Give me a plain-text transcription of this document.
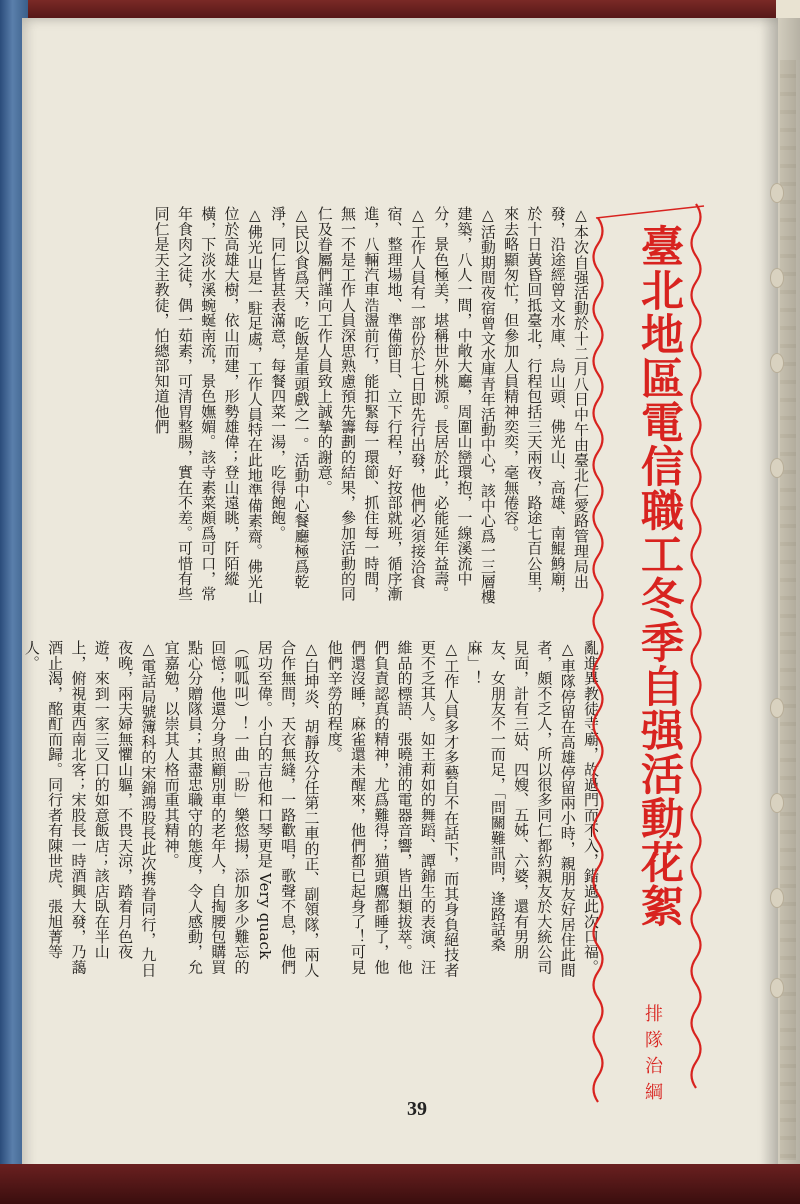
△本次自强活動於十二月八日中午由臺北仁愛路管理局出發，沿途經曾文水庫、烏山頭、佛光山、高雄、南鯤鯓廟，於十日黃昏回抵臺北，行程包括三天兩夜，路途七百公里，來去略顯匆忙，但參加人員精神奕奕，毫無倦容。

△活動期間夜宿曾文水庫青年活動中心，該中心爲一三層樓建築，八人一間，中敞大廳，周圍山巒環抱，一線溪流中分，景色極美，堪稱世外桃源。長居於此，必能延年益壽。

△工作人員有一部份於七日即先行出發，他們必須接洽食宿、整理場地、準備節目、立下行程，好按部就班，循序漸進，八輛汽車浩盪前行，能扣緊每一環節、抓住每一時間，無一不是工作人員深思熟慮預先籌劃的結果，參加活動的同仁及眷屬們謹向工作人員致上誠摯的謝意。

△民以食爲天，吃飯是重頭戲之一。活動中心餐廳極爲乾淨，同仁皆甚表滿意，每餐四菜一湯，吃得飽飽。

△佛光山是一駐足處，工作人員特在此地準備素齋。佛光山位於高雄大樹，依山而建，形勢雄偉；登山遠眺，阡陌縱橫，下淡水溪蜿蜒南流，景色嫵媚。該寺素菜頗爲可口，常年食肉之徒，偶一茹素，可清胃整腸，實在不差。可惜有些同仁是天主教徒，怕總部知道他們

亂進異教徒寺廟，故過門而不入，錯過此次口福。

△車隊停留在高雄停留兩小時，親朋友好居住此間者，頗不乏人，所以很多同仁都約親友於大統公司見面，計有三姑、四嫂、五姊、六婆，還有男朋友、女朋友不一而足，「問關難訊問，逢路話桑麻」！

△工作人員多才多藝自不在話下，而其身負絕技者更不乏其人。如王莉如的舞蹈、譚錦生的表演、汪維品的標語、張曉浦的電器音響，皆出類拔萃。他們負責認真的精神，尤爲難得；猫頭鷹都睡了，他們還沒睡，麻雀還未醒來，他們都已起身了！可見他們辛勞的程度。

△白坤炎、胡靜玫分任第二車的正、副領隊，兩人合作無間，天衣無縫，一路歡唱，歌聲不息，他們居功至偉。小白的吉他和口琴更是 Very quack（呱呱叫）！一曲「盼」樂悠揚，添加多少難忘的回憶；他還分身照顧別車的老年人，自掏腰包購買點心分贈隊員；其盡忠職守的態度，令人感動，允宜嘉勉，以崇其人格而重其精神。

△電話局號簿科的宋錦鴻股長此次携眷同行，九日夜晚，兩夫婦無懼山軀，不畏天涼，踏着月色夜遊，來到一家三叉口的如意飯店；該店臥在半山上，俯視東西南北客；宋股長一時酒興大發，乃藹酒止渴，酩酊而歸。同行者有陳世虎、張旭菁等人。	臺北地區電信職工冬季自强活動花絮
排隊治綱
39
